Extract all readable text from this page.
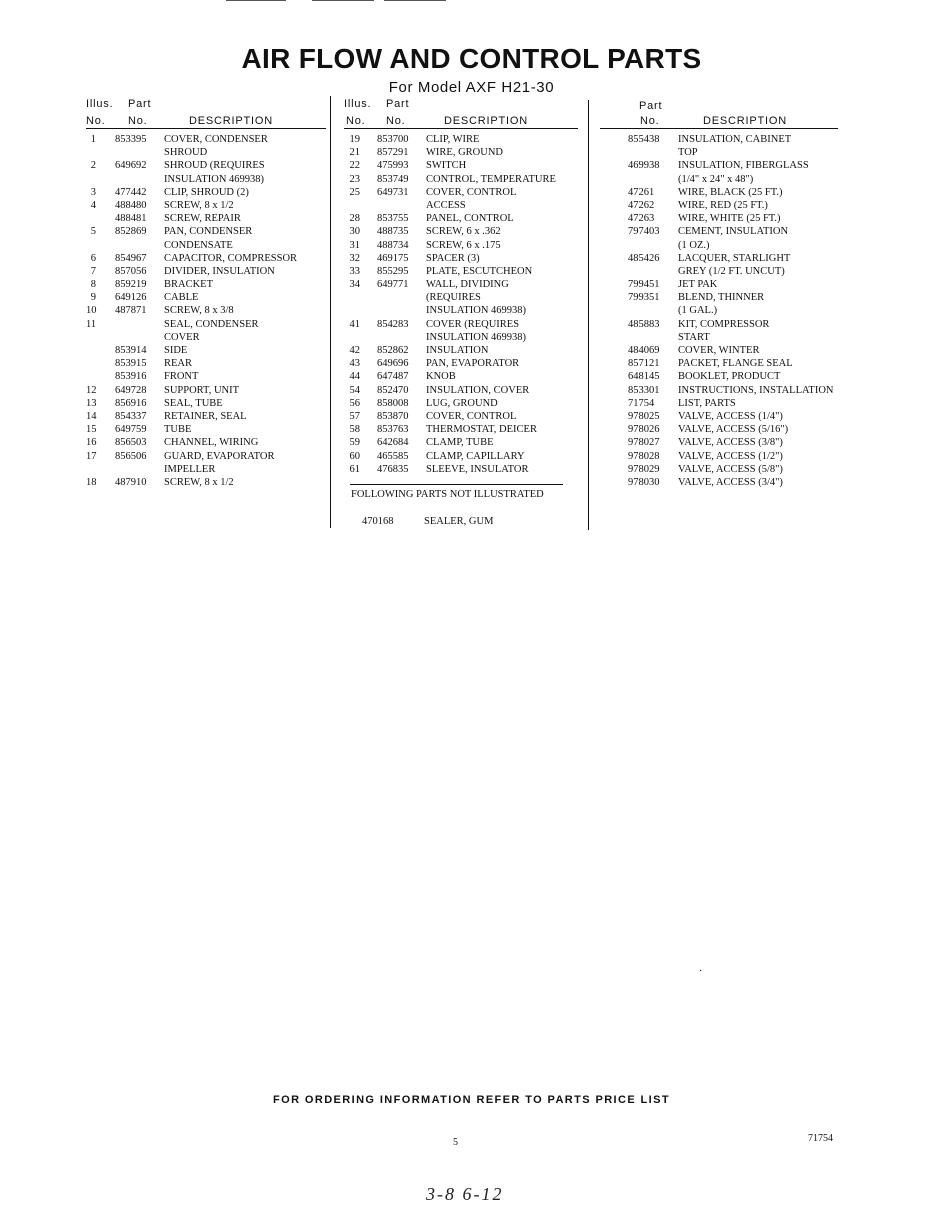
AIR FLOW AND CONTROL PARTS
For Model AXF H21-30
Illus. Part
No. No.	DESCRIPTION
1 853395 COVER, CONDENSER
SHROUD
2 649692 SHROUD (REQUIRES
INSULATION 469938)
3 477442 CLIP, SHROUD (2)
4 488480 SCREW, 8 x 1/2
488481 SCREW, REPAIR
5 852869 PAN, CONDENSER
CONDENSATE
6 854967 CAPACITOR, COMPRESSOR
7 857056 DIVIDER, INSULATION
8 859219 BRACKET
9 649126 CABLE
10 487871 SCREW, 8 x 3/8
11	SEAL, CONDENSER
COVER
853914 SIDE
853915 REAR
853916 FRONT
12 649728 SUPPORT, UNIT
13 856916 SEAL, TUBE
14 854337 RETAINER, SEAL
15 649759 TUBE
16 856503 CHANNEL, WIRING
17 856506 GUARD, EVAPORATOR
IMPELLER
18 487910 SCREW, 8 x 1/2
Illus. Part
No. No.	DESCRIPTION
19 853700 CLIP, WIRE
21 857291 WIRE, GROUND
22 475993 SWITCH
23 853749 CONTROL, TEMPERATURE
25 649731 COVER, CONTROL
ACCESS
28 853755 PANEL, CONTROL
30 488735 SCREW, 6 x .362
31 488734 SCREW, 6 x .175
32 469175 SPACER (3)
33 855295 PLATE, ESCUTCHEON
34 649771 WALL, DIVIDING
(REQUIRES
INSULATION 469938)
41 854283 COVER (REQUIRES
INSULATION 469938)
42 852862 INSULATION
43 649696 PAN, EVAPORATOR
44 647487 KNOB
54 852470 INSULATION, COVER
56 858008 LUG, GROUND
57 853870 COVER, CONTROL
58 853763 THERMOSTAT, DEICER
59 642684 CLAMP, TUBE
60 465585 CLAMP, CAPILLARY
61 476835 SLEEVE, INSULATOR
FOLLOWING PARTS NOT ILLUSTRATED
470168	SEALER, GUM
Part
No.	DESCRIPTION
855438 INSULATION, CABINET
TOP
469938 INSULATION, FIBERGLASS
(1/4" x 24" x 48")
47261 WIRE, BLACK (25 FT.)
47262 WIRE, RED (25 FT.)
47263 WIRE, WHITE (25 FT.)
797403 CEMENT, INSULATION
(1 OZ.)
485426 LACQUER, STARLIGHT
GREY (1/2 FT. UNCUT)
799451 JET PAK
799351 BLEND, THINNER
(1 GAL.)
485883 KIT, COMPRESSOR
START
484069 COVER, WINTER
857121 PACKET, FLANGE SEAL
648145 BOOKLET, PRODUCT
853301 INSTRUCTIONS, INSTALLATION
71754 LIST, PARTS
978025 VALVE, ACCESS (1/4")
978026 VALVE, ACCESS (5/16")
978027 VALVE, ACCESS (3/8")
978028 VALVE, ACCESS (1/2")
978029 VALVE, ACCESS (5/8")
978030 VALVE, ACCESS (3/4")
·
FOR ORDERING INFORMATION REFER TO PARTS PRICE LIST
5	71754
3-8 6-12
